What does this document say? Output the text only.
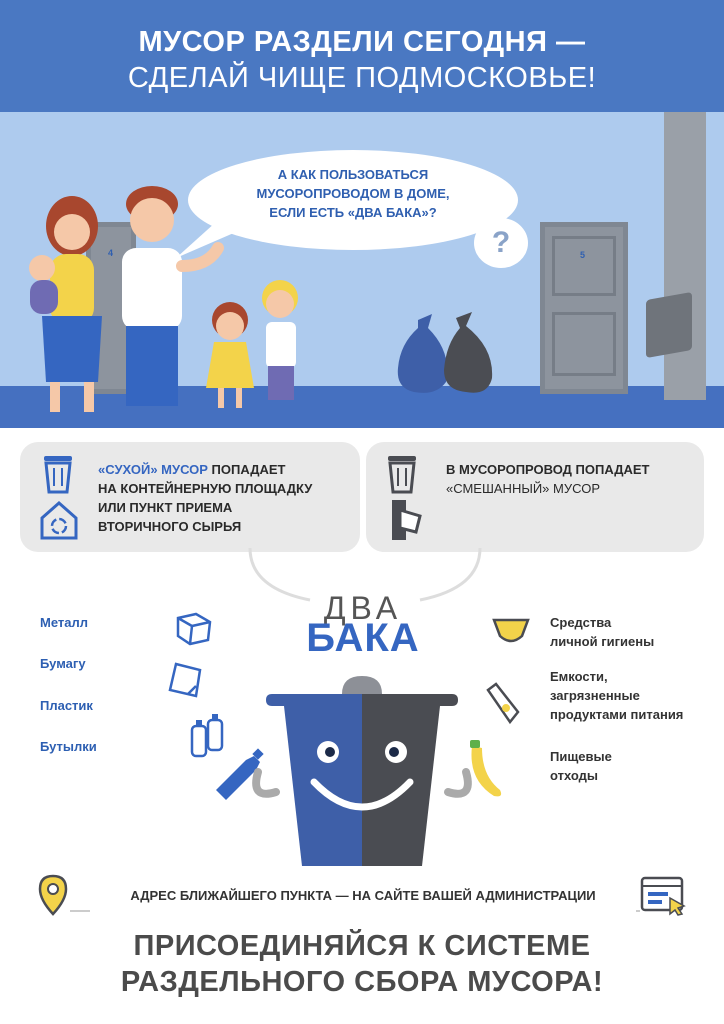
МУСОР РАЗДЕЛИ СЕГОДНЯ —
СДЕЛАЙ ЧИЩЕ ПОДМОСКОВЬЕ!
4	5
А КАК ПОЛЬЗОВАТЬСЯ
МУСОРОПРОВОДОМ В ДОМЕ,
ЕСЛИ ЕСТЬ «ДВА БАКА»?
?
«СУХОЙ» МУСОР ПОПАДАЕТ
НА КОНТЕЙНЕРНУЮ ПЛОЩАДКУ
ИЛИ ПУНКТ ПРИЕМА
ВТОРИЧНОГО СЫРЬЯ
В МУСОРОПРОВОД ПОПАДАЕТ
«СМЕШАННЫЙ» МУСОР
ДВА
БАКА
Металл
Бумагу
Пластик
Бутылки
Средства
личной гигиены
Емкости,
загрязненные
продуктами питания
Пищевые
отходы
АДРЕС БЛИЖАЙШЕГО ПУНКТА — НА САЙТЕ ВАШЕЙ АДМИНИСТРАЦИИ
ПРИСОЕДИНЯЙСЯ К СИСТЕМЕ
РАЗДЕЛЬНОГО СБОРА МУСОРА!
